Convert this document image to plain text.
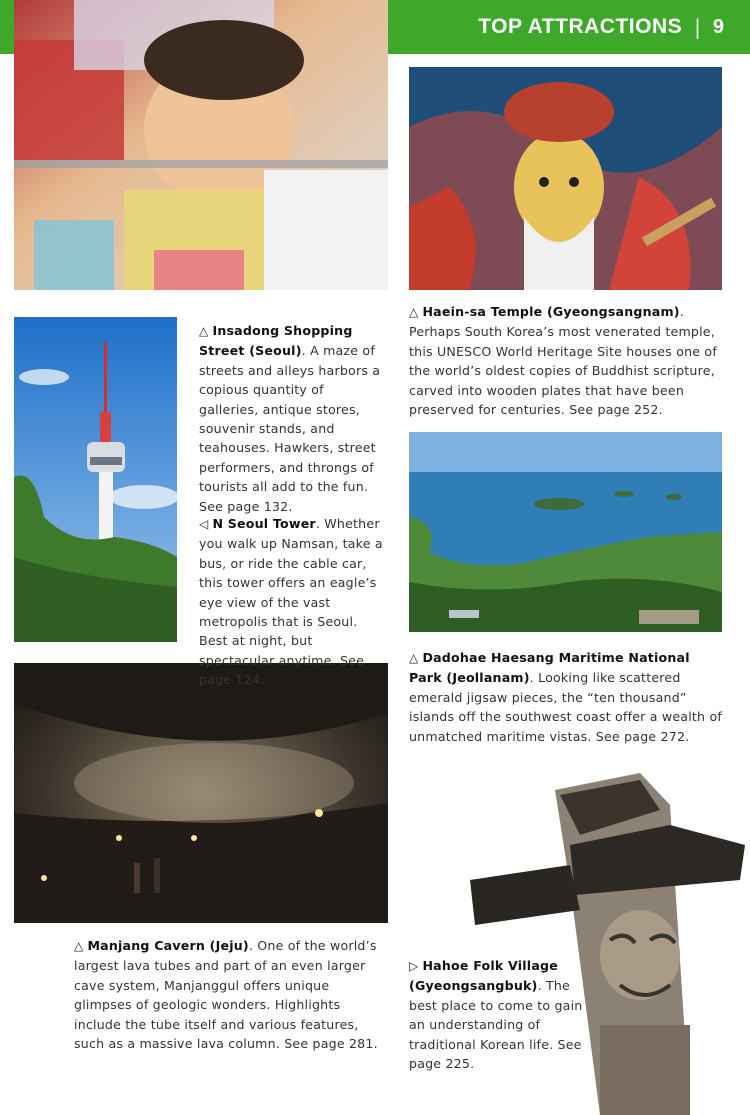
TOP ATTRACTIONS | 9

△ Insadong Shopping Street (Seoul). A maze of streets and alleys harbors a copious quantity of galleries, antique stores, souvenir stands, and teahouses. Hawkers, street performers, and throngs of tourists all add to the fun. See page 132.

◁ N Seoul Tower. Whether you walk up Namsan, take a bus, or ride the cable car, this tower offers an eagle’s eye view of the vast metropolis that is Seoul. Best at night, but spectacular anytime. See page 124.

△ Haein-sa Temple (Gyeongsangnam). Perhaps South Korea’s most venerated temple, this UNESCO World Heritage Site houses one of the world’s oldest copies of Buddhist scripture, carved into wooden plates that have been preserved for centuries. See page 252.

△ Dadohae Haesang Maritime National Park (Jeollanam). Looking like scattered emerald jigsaw pieces, the “ten thousand” islands off the southwest coast offer a wealth of unmatched maritime vistas. See page 272.

△ Manjang Cavern (Jeju). One of the world’s largest lava tubes and part of an even larger cave system, Manjanggul offers unique glimpses of geologic wonders. Highlights include the tube itself and various features, such as a massive lava column. See page 281.

▷ Hahoe Folk Village (Gyeongsangbuk). The best place to come to gain an understanding of traditional Korean life. See page 225.
